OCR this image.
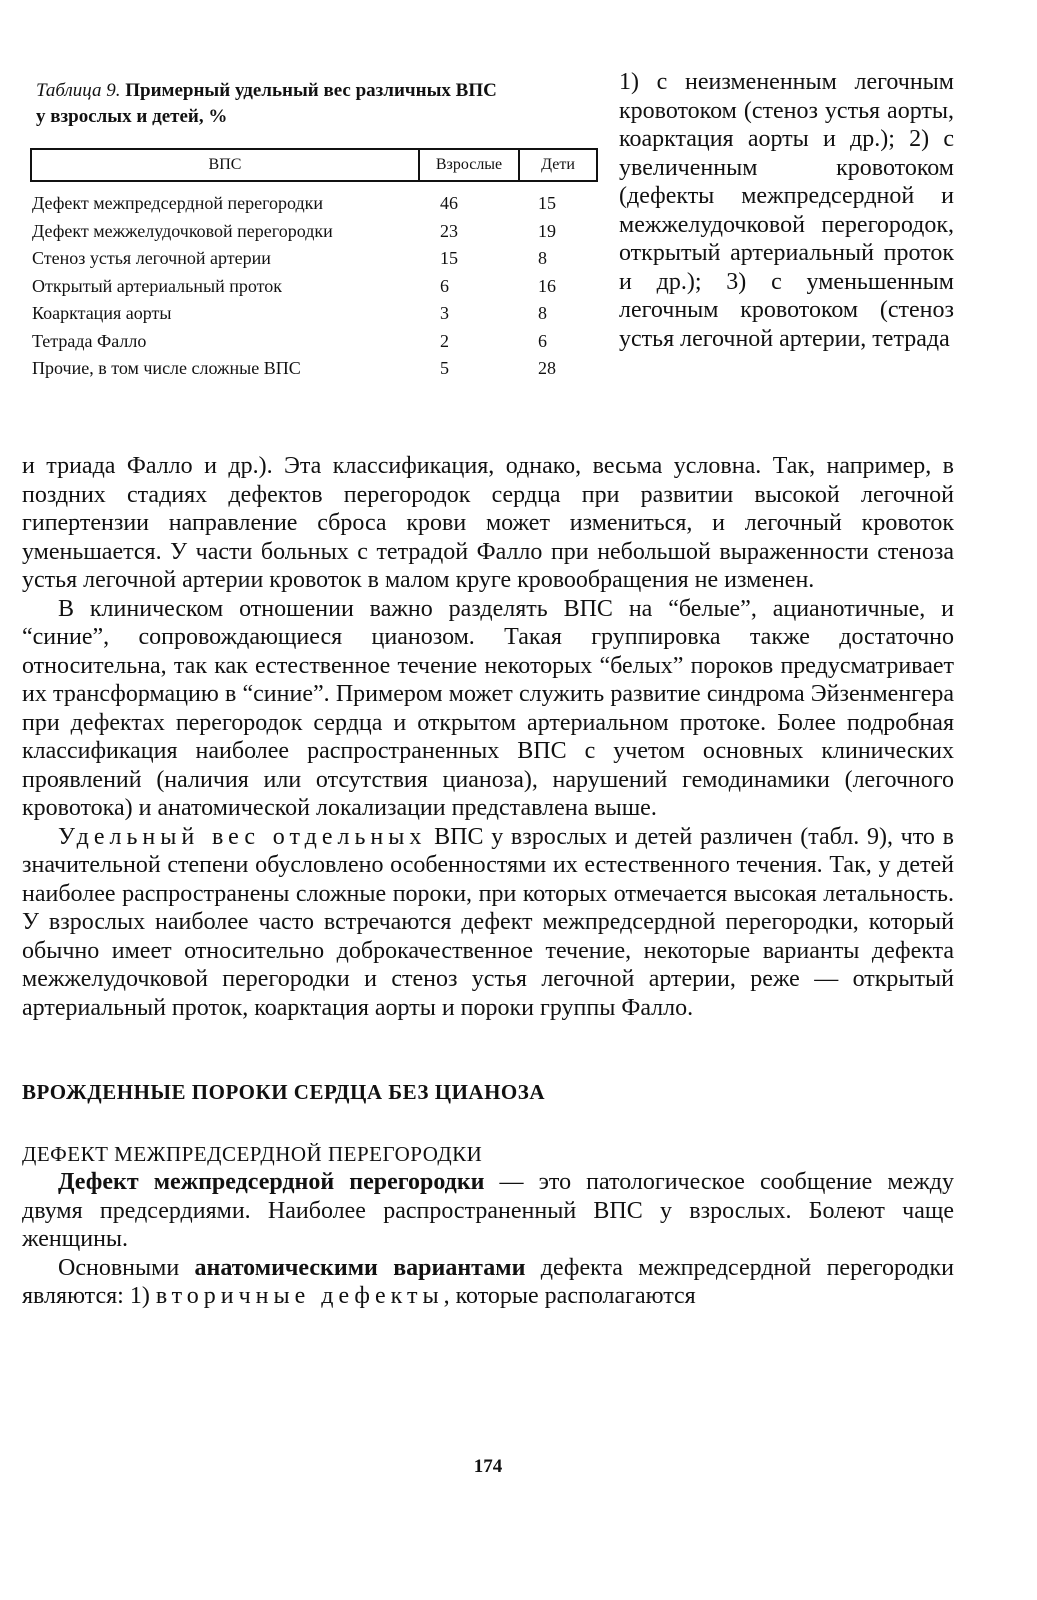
Таблица 9. Примерный удельный вес различных ВПС
у взрослых и детей, %
ВПС	Взрослые	Дети
Дефект межпредсердной перегородки	46	15
Дефект межжелудочковой перегородки	23	19
Стеноз устья легочной артерии	15	8
Открытый артериальный проток	6	16
Коарктация аорты	3	8
Тетрада Фалло	2	6
Прочие, в том числе сложные ВПС	5	28

1) с неизмененным легочным кровотоком (стеноз устья аорты, коарктация аорты и др.); 2) с увеличенным кровотоком (дефекты межпредсердной и межжелудочковой перегородок, открытый артериальный проток и др.); 3) с уменьшенным легочным кровотоком (стеноз устья легочной артерии, тетрада

и триада Фалло и др.). Эта классификация, однако, весьма условна. Так, например, в поздних стадиях дефектов перегородок сердца при развитии высокой легочной гипертензии направление сброса крови может измениться, и легочный кровоток уменьшается. У части больных с тетрадой Фалло при небольшой выраженности стеноза устья легочной артерии кровоток в малом круге кровообращения не изменен.

В клиническом отношении важно разделять ВПС на “белые”, ацианотичные, и “синие”, сопровождающиеся цианозом. Такая группировка также достаточно относительна, так как естественное течение некоторых “белых” пороков предусматривает их трансформацию в “синие”. Примером может служить развитие синдрома Эйзенменгера при дефектах перегородок сердца и открытом артериальном протоке. Более подробная классификация наиболее распространенных ВПС с учетом основных клинических проявлений (наличия или отсутствия цианоза), нарушений гемодинамики (легочного кровотока) и анатомической локализации представлена выше.

Удельный вес отдельных ВПС у взрослых и детей различен (табл. 9), что в значительной степени обусловлено особенностями их естественного течения. Так, у детей наиболее распространены сложные пороки, при которых отмечается высокая летальность. У взрослых наиболее часто встречаются дефект межпредсердной перегородки, который обычно имеет относительно доброкачественное течение, некоторые варианты дефекта межжелудочковой перегородки и стеноз устья легочной артерии, реже — открытый артериальный проток, коарктация аорты и пороки группы Фалло.

ВРОЖДЕННЫЕ ПОРОКИ СЕРДЦА БЕЗ ЦИАНОЗА
ДЕФЕКТ МЕЖПРЕДСЕРДНОЙ ПЕРЕГОРОДКИ

Дефект межпредсердной перегородки — это патологическое сообщение между двумя предсердиями. Наиболее распространенный ВПС у взрослых. Болеют чаще женщины.

Основными анатомическими вариантами дефекта межпредсердной перегородки являются: 1) вторичные дефекты, которые располагаются

174
